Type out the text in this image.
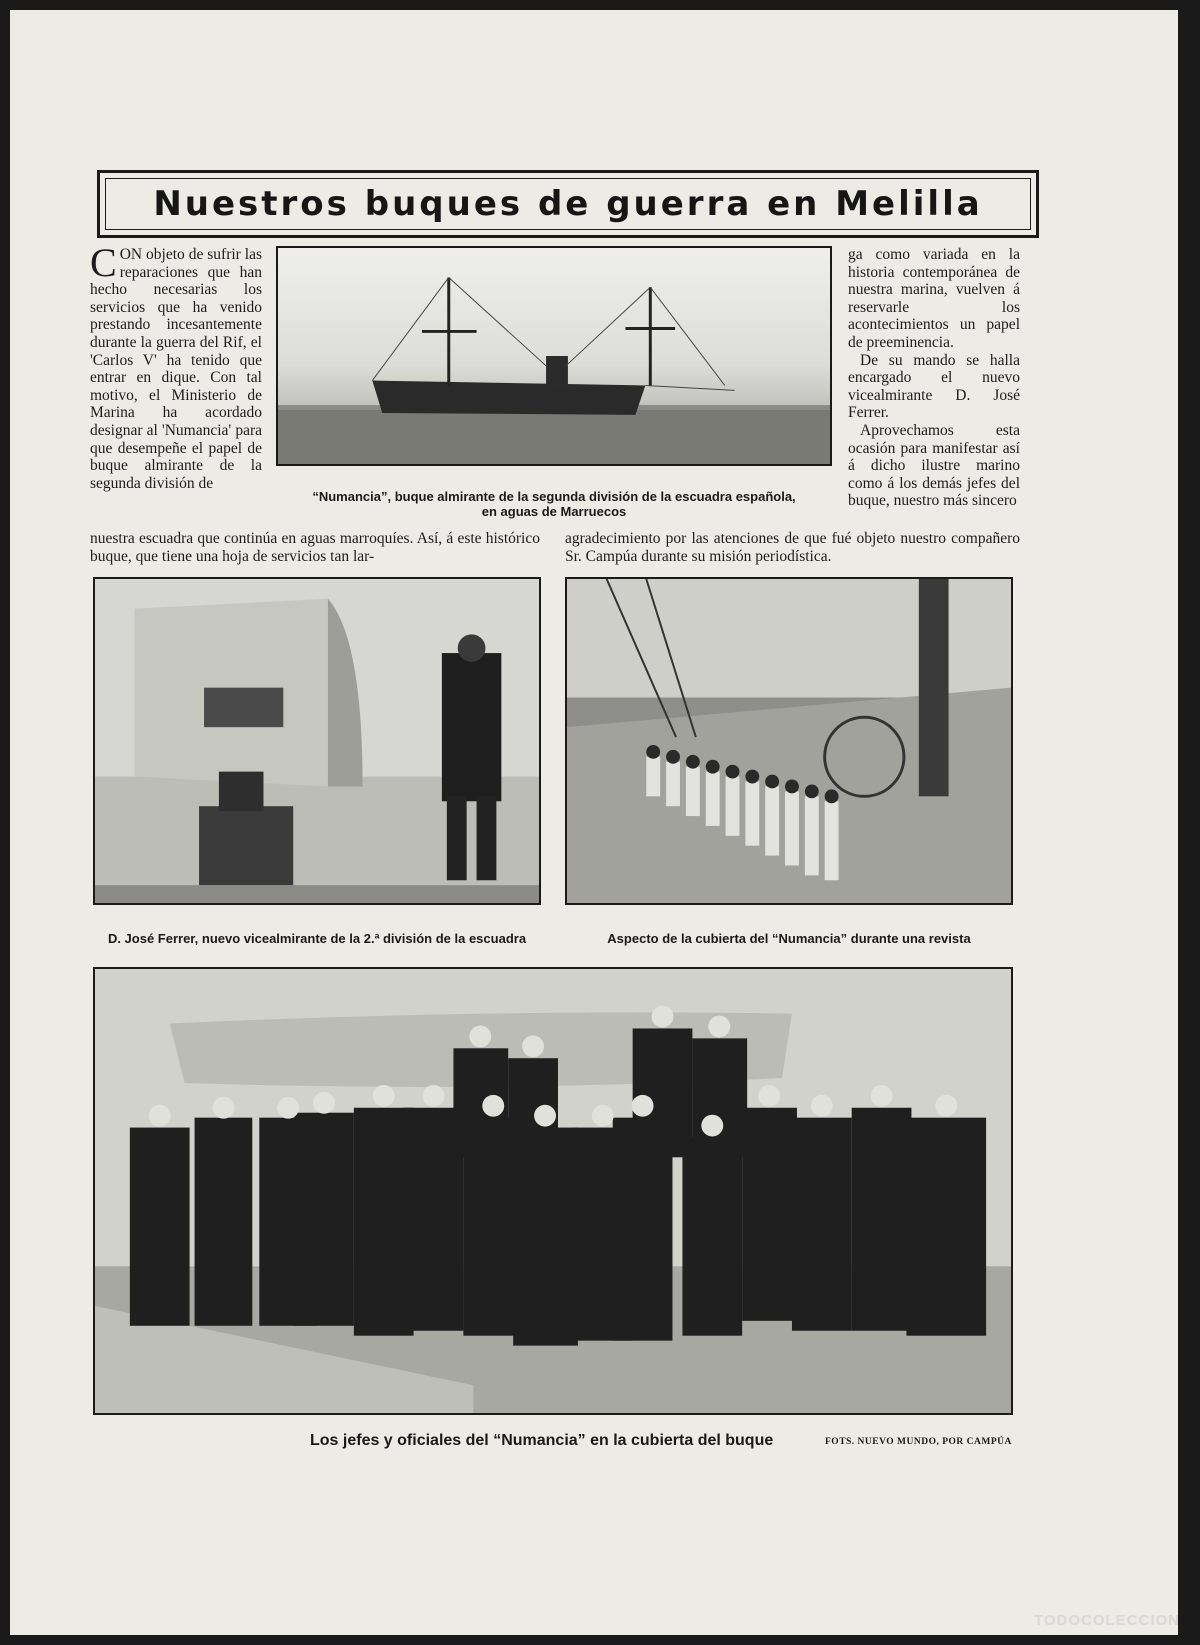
Nuestros buques de guerra en Melilla

CON objeto de sufrir las reparaciones que han hecho necesarias los servicios que ha venido prestando incesantemente durante la guerra del Rif, el 'Carlos V' ha tenido que entrar en dique. Con tal motivo, el Ministerio de Marina ha acordado designar al 'Numancia' para que desempeñe el papel de buque almirante de la segunda división de

“Numancia”, buque almirante de la segunda división de la escuadra española,
en aguas de Marruecos

ga como variada en la historia contemporánea de nuestra marina, vuelven á reservarle los acontecimientos un papel de preeminencia.

De su mando se halla encargado el nuevo vicealmirante D. José Ferrer.

Aprovechamos esta ocasión para manifestar así á dicho ilustre marino como á los demás jefes del buque, nuestro más sincero

nuestra escuadra que continúa en aguas marroquíes. Así, á este histórico buque, que tiene una hoja de servicios tan lar-
agradecimiento por las atenciones de que fué objeto nuestro compañero Sr. Campúa durante su misión periodística.
D. José Ferrer, nuevo vicealmirante de la 2.ª división de la escuadra	Aspecto de la cubierta del “Numancia” durante una revista
Los jefes y oficiales del “Numancia” en la cubierta del buque	FOTS. NUEVO MUNDO, POR CAMPÚA
TODOCOLECCION
